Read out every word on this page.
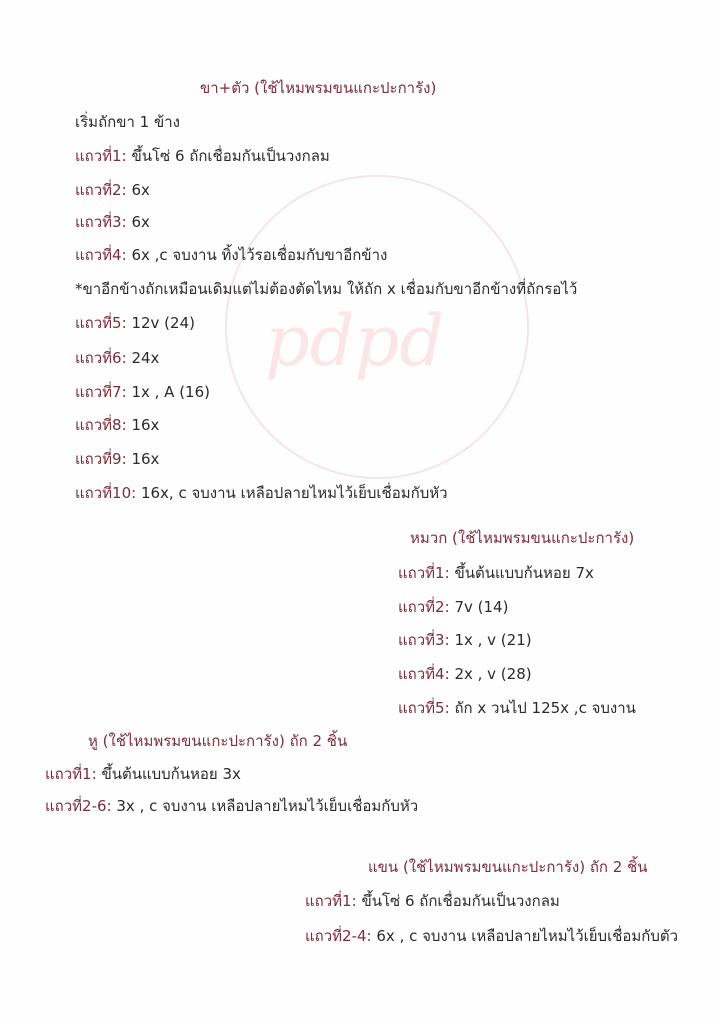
pdpd
ขา+ตัว (ใช้ไหมพรมขนแกะปะการัง)
เริ่มถักขา 1 ข้าง
แถวที่1: ขึ้นโซ่ 6 ถักเชื่อมกันเป็นวงกลม
แถวที่2: 6x
แถวที่3: 6x
แถวที่4: 6x ,c จบงาน ทิ้งไว้รอเชื่อมกับขาอีกข้าง
*ขาอีกข้างถักเหมือนเดิมแต่ไม่ต้องตัดไหม ให้ถัก x เชื่อมกับขาอีกข้างที่ถักรอไว้
แถวที่5: 12v (24)
แถวที่6: 24x
แถวที่7: 1x , A (16)
แถวที่8: 16x
แถวที่9: 16x
แถวที่10: 16x, c จบงาน เหลือปลายไหมไว้เย็บเชื่อมกับหัว
หมวก (ใช้ไหมพรมขนแกะปะการัง)
แถวที่1: ขึ้นต้นแบบก้นหอย 7x
แถวที่2: 7v (14)
แถวที่3: 1x , v (21)
แถวที่4: 2x , v (28)
แถวที่5: ถัก x วนไป 125x ,c จบงาน
หู (ใช้ไหมพรมขนแกะปะการัง) ถัก 2 ชิ้น
แถวที่1: ขึ้นต้นแบบก้นหอย 3x
แถวที่2-6: 3x , c จบงาน เหลือปลายไหมไว้เย็บเชื่อมกับหัว
แขน (ใช้ไหมพรมขนแกะปะการัง) ถัก 2 ชิ้น
แถวที่1: ขึ้นโซ่ 6 ถักเชื่อมกันเป็นวงกลม
แถวที่2-4: 6x , c จบงาน เหลือปลายไหมไว้เย็บเชื่อมกับตัว
